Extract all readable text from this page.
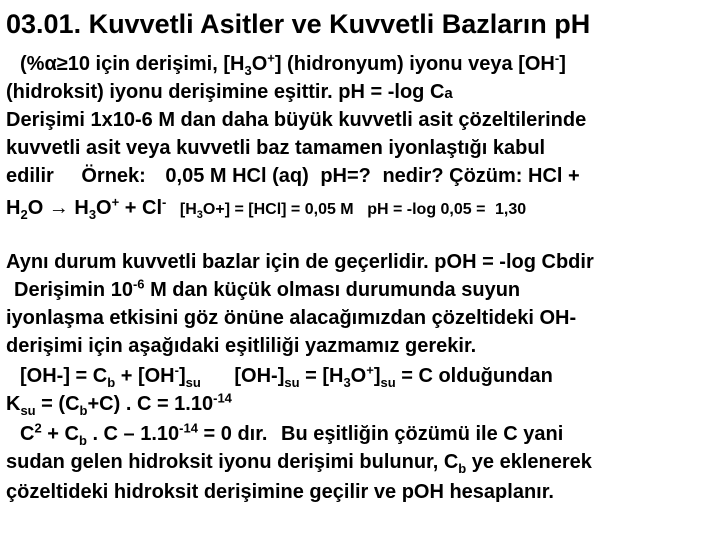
03.01. Kuvvetli Asitler ve Kuvvetli Bazların pH
(%α≥10 için derişimi, $[H_3O^+]$ (hidronyum) iyonu veya [OH-]
(hidroksit) iyonu derişimine eşittir. pH = -log Ca
Derişimi 1x10-6 M dan daha büyük kuvvetli asit çözeltilerinde
kuvvetli asit veya kuvvetli baz tamamen iyonlaştığı kabul
edilir Örnek: 0,05 M HCl (aq) pH=? nedir? Çözüm: HCl +
$H_2O \to H_3O^+ + Cl^-$ $[H_3O+] = [HCl] = 0,05$ M pH = -log 0,05 = 1,30
Aynı durum kuvvetli bazlar için de geçerlidir. pOH = -log Cbdir
Derişimin $10^{-6}$ M dan küçük olması durumunda suyun
iyonlaşma etkisini göz önüne alacağımızdan çözeltideki OH-
derişimi için aşağıdaki eşitliliği yazmamız gerekir.
$[OH-] = C_b + [OH^-]_{su}$ $[OH-]_{su} = [H_3O^+]_{su} = C$ olduğundan
$K_{su} = (C_b+C)$ . $C = 1.10^{-14}$
$C^2 + C_b$ . $C - 1.10^{-14} = 0$ dır. Bu eşitliğin çözümü ile C yani
sudan gelen hidroksit iyonu derişimi bulunur, $C_b$ ye eklenerek
çözeltideki hidroksit derişimine geçilir ve pOH hesaplanır.
